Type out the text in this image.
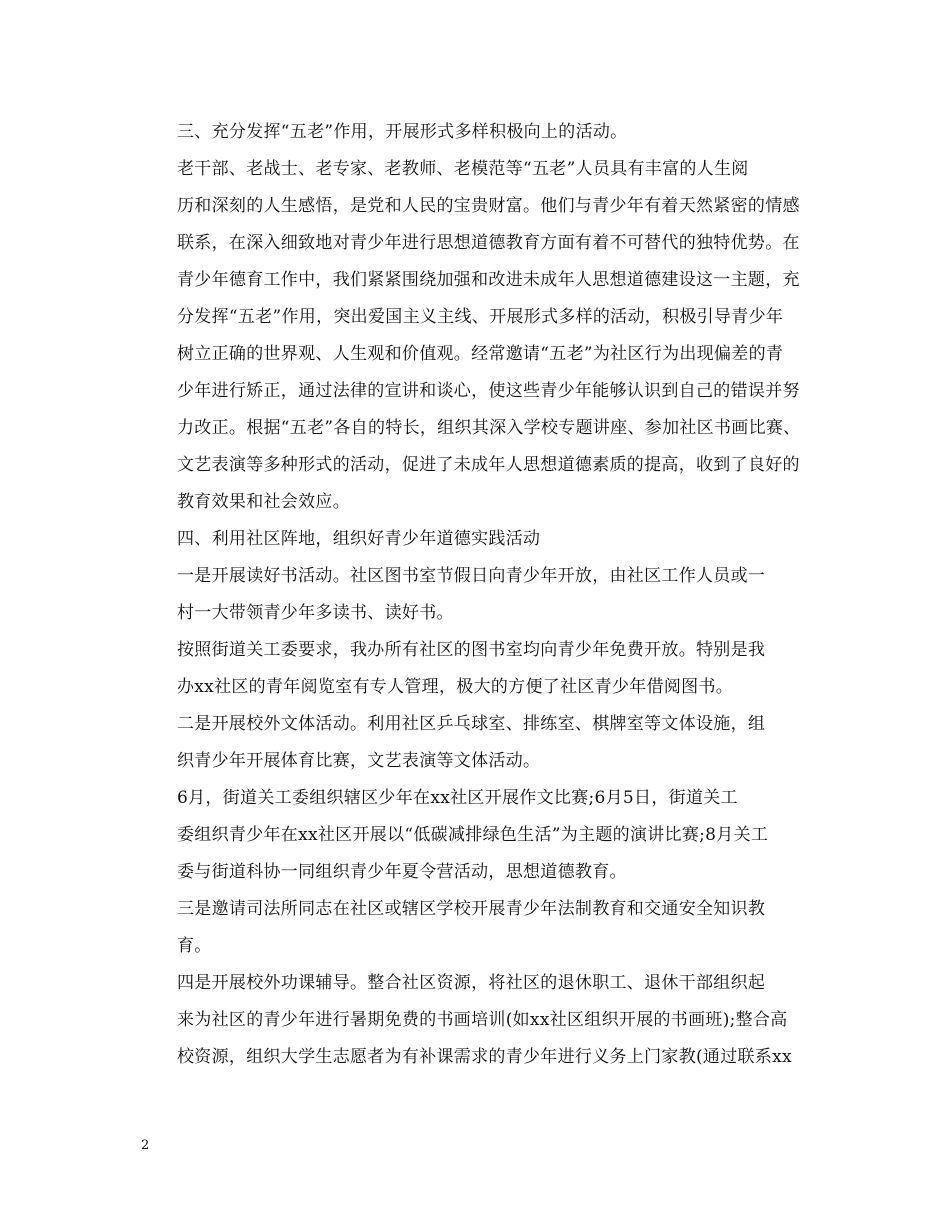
三、充分发挥“五老”作用，开展形式多样积极向上的活动。

老干部、老战士、老专家、老教师、老模范等“五老”人员具有丰富的人生阅
历和深刻的人生感悟，是党和人民的宝贵财富。他们与青少年有着天然紧密的情感
联系，在深入细致地对青少年进行思想道德教育方面有着不可替代的独特优势。在
青少年德育工作中，我们紧紧围绕加强和改进未成年人思想道德建设这一主题，充
分发挥“五老”作用，突出爱国主义主线、开展形式多样的活动，积极引导青少年
树立正确的世界观、人生观和价值观。经常邀请“五老”为社区行为出现偏差的青
少年进行矫正，通过法律的宣讲和谈心，使这些青少年能够认识到自己的错误并努
力改正。根据“五老”各自的特长，组织其深入学校专题讲座、参加社区书画比赛、
文艺表演等多种形式的活动，促进了未成年人思想道德素质的提高，收到了良好的
教育效果和社会效应。

四、利用社区阵地，组织好青少年道德实践活动

一是开展读好书活动。社区图书室节假日向青少年开放，由社区工作人员或一
村一大带领青少年多读书、读好书。

按照街道关工委要求，我办所有社区的图书室均向青少年免费开放。特别是我
办xx社区的青年阅览室有专人管理，极大的方便了社区青少年借阅图书。

二是开展校外文体活动。利用社区乒乓球室、排练室、棋牌室等文体设施，组
织青少年开展体育比赛，文艺表演等文体活动。

6月，街道关工委组织辖区少年在xx社区开展作文比赛;6月5日，街道关工
委组织青少年在xx社区开展以“低碳减排绿色生活”为主题的演讲比赛;8月关工
委与街道科协一同组织青少年夏令营活动，思想道德教育。

三是邀请司法所同志在社区或辖区学校开展青少年法制教育和交通安全知识教
育。

四是开展校外功课辅导。整合社区资源，将社区的退休职工、退休干部组织起
来为社区的青少年进行暑期免费的书画培训(如xx社区组织开展的书画班);整合高
校资源，组织大学生志愿者为有补课需求的青少年进行义务上门家教(通过联系xx

2
